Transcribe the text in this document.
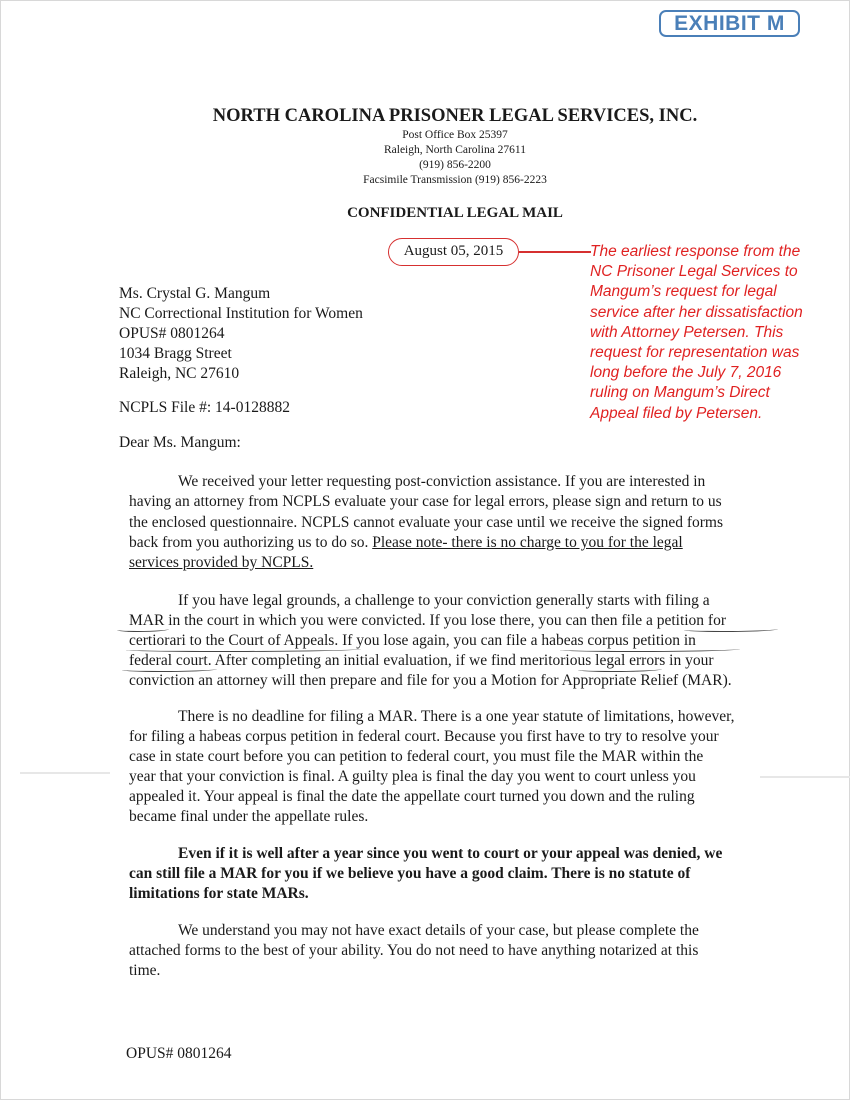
EXHIBIT M
NORTH CAROLINA PRISONER LEGAL SERVICES, INC.
Post Office Box 25397
Raleigh, North Carolina 27611
(919) 856-2200
Facsimile Transmission (919) 856-2223
CONFIDENTIAL LEGAL MAIL
August 05, 2015	The earliest response from the
NC Prisoner Legal Services to
Mangum’s request for legal
service after her dissatisfaction
with Attorney Petersen. This
request for representation was
long before the July 7, 2016
ruling on Mangum’s Direct
Appeal filed by Petersen.
Ms. Crystal G. Mangum
NC Correctional Institution for Women
OPUS# 0801264
1034 Bragg Street
Raleigh, NC 27610
NCPLS File #: 14-0128882
Dear Ms. Mangum:
We received your letter requesting post-conviction assistance. If you are interested in
having an attorney from NCPLS evaluate your case for legal errors, please sign and return to us
the enclosed questionnaire. NCPLS cannot evaluate your case until we receive the signed forms
back from you authorizing us to do so. Please note- there is no charge to you for the legal
services provided by NCPLS.
If you have legal grounds, a challenge to your conviction generally starts with filing a
MAR in the court in which you were convicted. If you lose there, you can then file a petition for
certiorari to the Court of Appeals. If you lose again, you can file a habeas corpus petition in
federal court. After completing an initial evaluation, if we find meritorious legal errors in your
conviction an attorney will then prepare and file for you a Motion for Appropriate Relief (MAR).
There is no deadline for filing a MAR. There is a one year statute of limitations, however,
for filing a habeas corpus petition in federal court. Because you first have to try to resolve your
case in state court before you can petition to federal court, you must file the MAR within the
year that your conviction is final. A guilty plea is final the day you went to court unless you
appealed it. Your appeal is final the date the appellate court turned you down and the ruling
became final under the appellate rules.
Even if it is well after a year since you went to court or your appeal was denied, we
can still file a MAR for you if we believe you have a good claim. There is no statute of
limitations for state MARs.
We understand you may not have exact details of your case, but please complete the
attached forms to the best of your ability. You do not need to have anything notarized at this
time.
OPUS# 0801264
